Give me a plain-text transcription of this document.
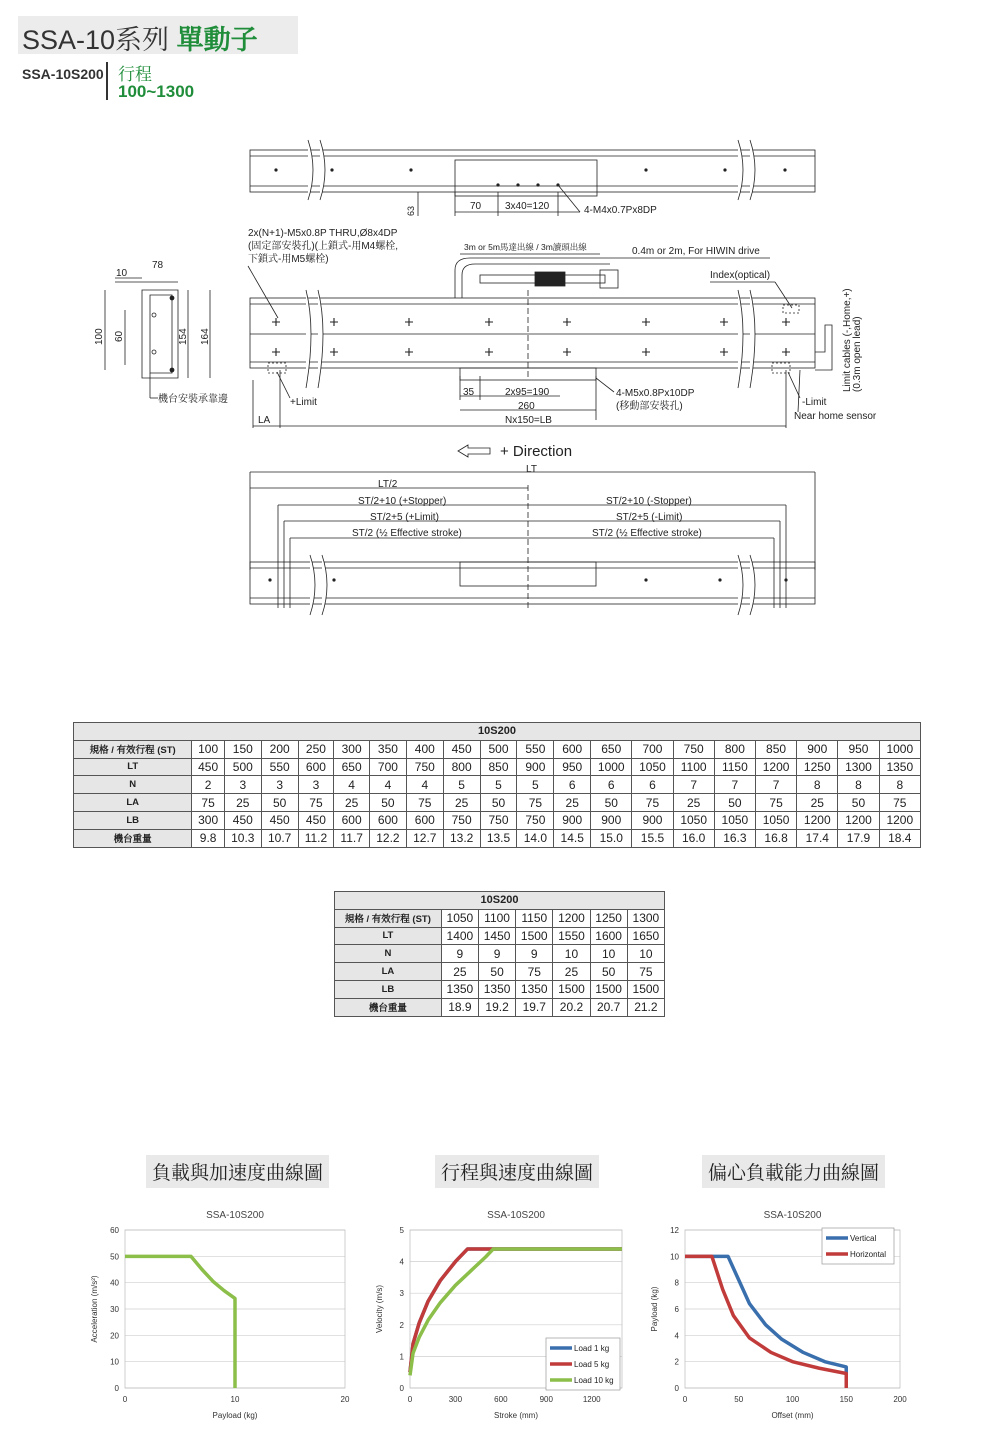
SSA-10系列 單動子
SSA-10S200 行程
100~1300
63	70 3x40=120	4-M4x0.7Px8DP
2x(N+1)-M5x0.8P THRU,Ø8x4DP
(固定部安裝孔)(上鎖式-用M4螺栓,
下鎖式-用M5螺栓)
3m or 5m馬達出線 / 3m讀頭出線	0.4m or 2m, For HIWIN drive
Index(optical)
Limit cables (-,Home,+) (0.3m open lead)
10
78
100 60	154 164
機台安裝承靠邊	+Limit	-Limit
Near home sensor
LA
35	2x95=190
260
Nx150=LB
4-M5x0.8Px10DP
(移動部安裝孔)
+ Direction
LT
LT/2
ST/2+10 (+Stopper)
ST/2+5 (+Limit)
ST/2 (½ Effective stroke)
ST/2+10 (-Stopper)
ST/2+5 (-Limit)
ST/2 (½ Effective stroke)
10S200																			
規格 / 有效行程 (ST)	100	150	200	250	300	350	400	450	500	550	600	650	700	750	800	850	900	950	1000
LT	450	500	550	600	650	700	750	800	850	900	950	1000	1050	1100	1150	1200	1250	1300	1350
N	2	3	3	3	4	4	4	5	5	5	6	6	6	7	7	7	8	8	8
LA	75	25	50	75	25	50	75	25	50	75	25	50	75	25	50	75	25	50	75
LB	300	450	450	450	600	600	600	750	750	750	900	900	900	1050	1050	1050	1200	1200	1200
機台重量	9.8	10.3	10.7	11.2	11.7	12.2	12.7	13.2	13.5	14.0	14.5	15.0	15.5	16.0	16.3	16.8	17.4	17.9	18.4
10S200						
規格 / 有效行程 (ST)	1050	1100	1150	1200	1250	1300
LT	1400	1450	1500	1550	1600	1650
N	9	9	9	10	10	10
LA	25	50	75	25	50	75
LB	1350	1350	1350	1500	1500	1500
機台重量	18.9	19.2	19.7	20.2	20.7	21.2
負載與加速度曲線圖	行程與速度曲線圖	偏心負載能力曲線圖
SSA-10S200
0
10
20
30
40
50
60
0	10	20
Payload (kg)
Acceleration (m/s²)
SSA-10S200
0
1
2
3
4
5
0	300	600	900	1200
Stroke (mm)
Velocity (m/s)
Load 1 kg
Load 5 kg
Load 10 kg
SSA-10S200
0
2
4
6
8
10
12
0	50	100	150	200
Offset (mm)
Payload (kg)
Vertical
Horizontal
